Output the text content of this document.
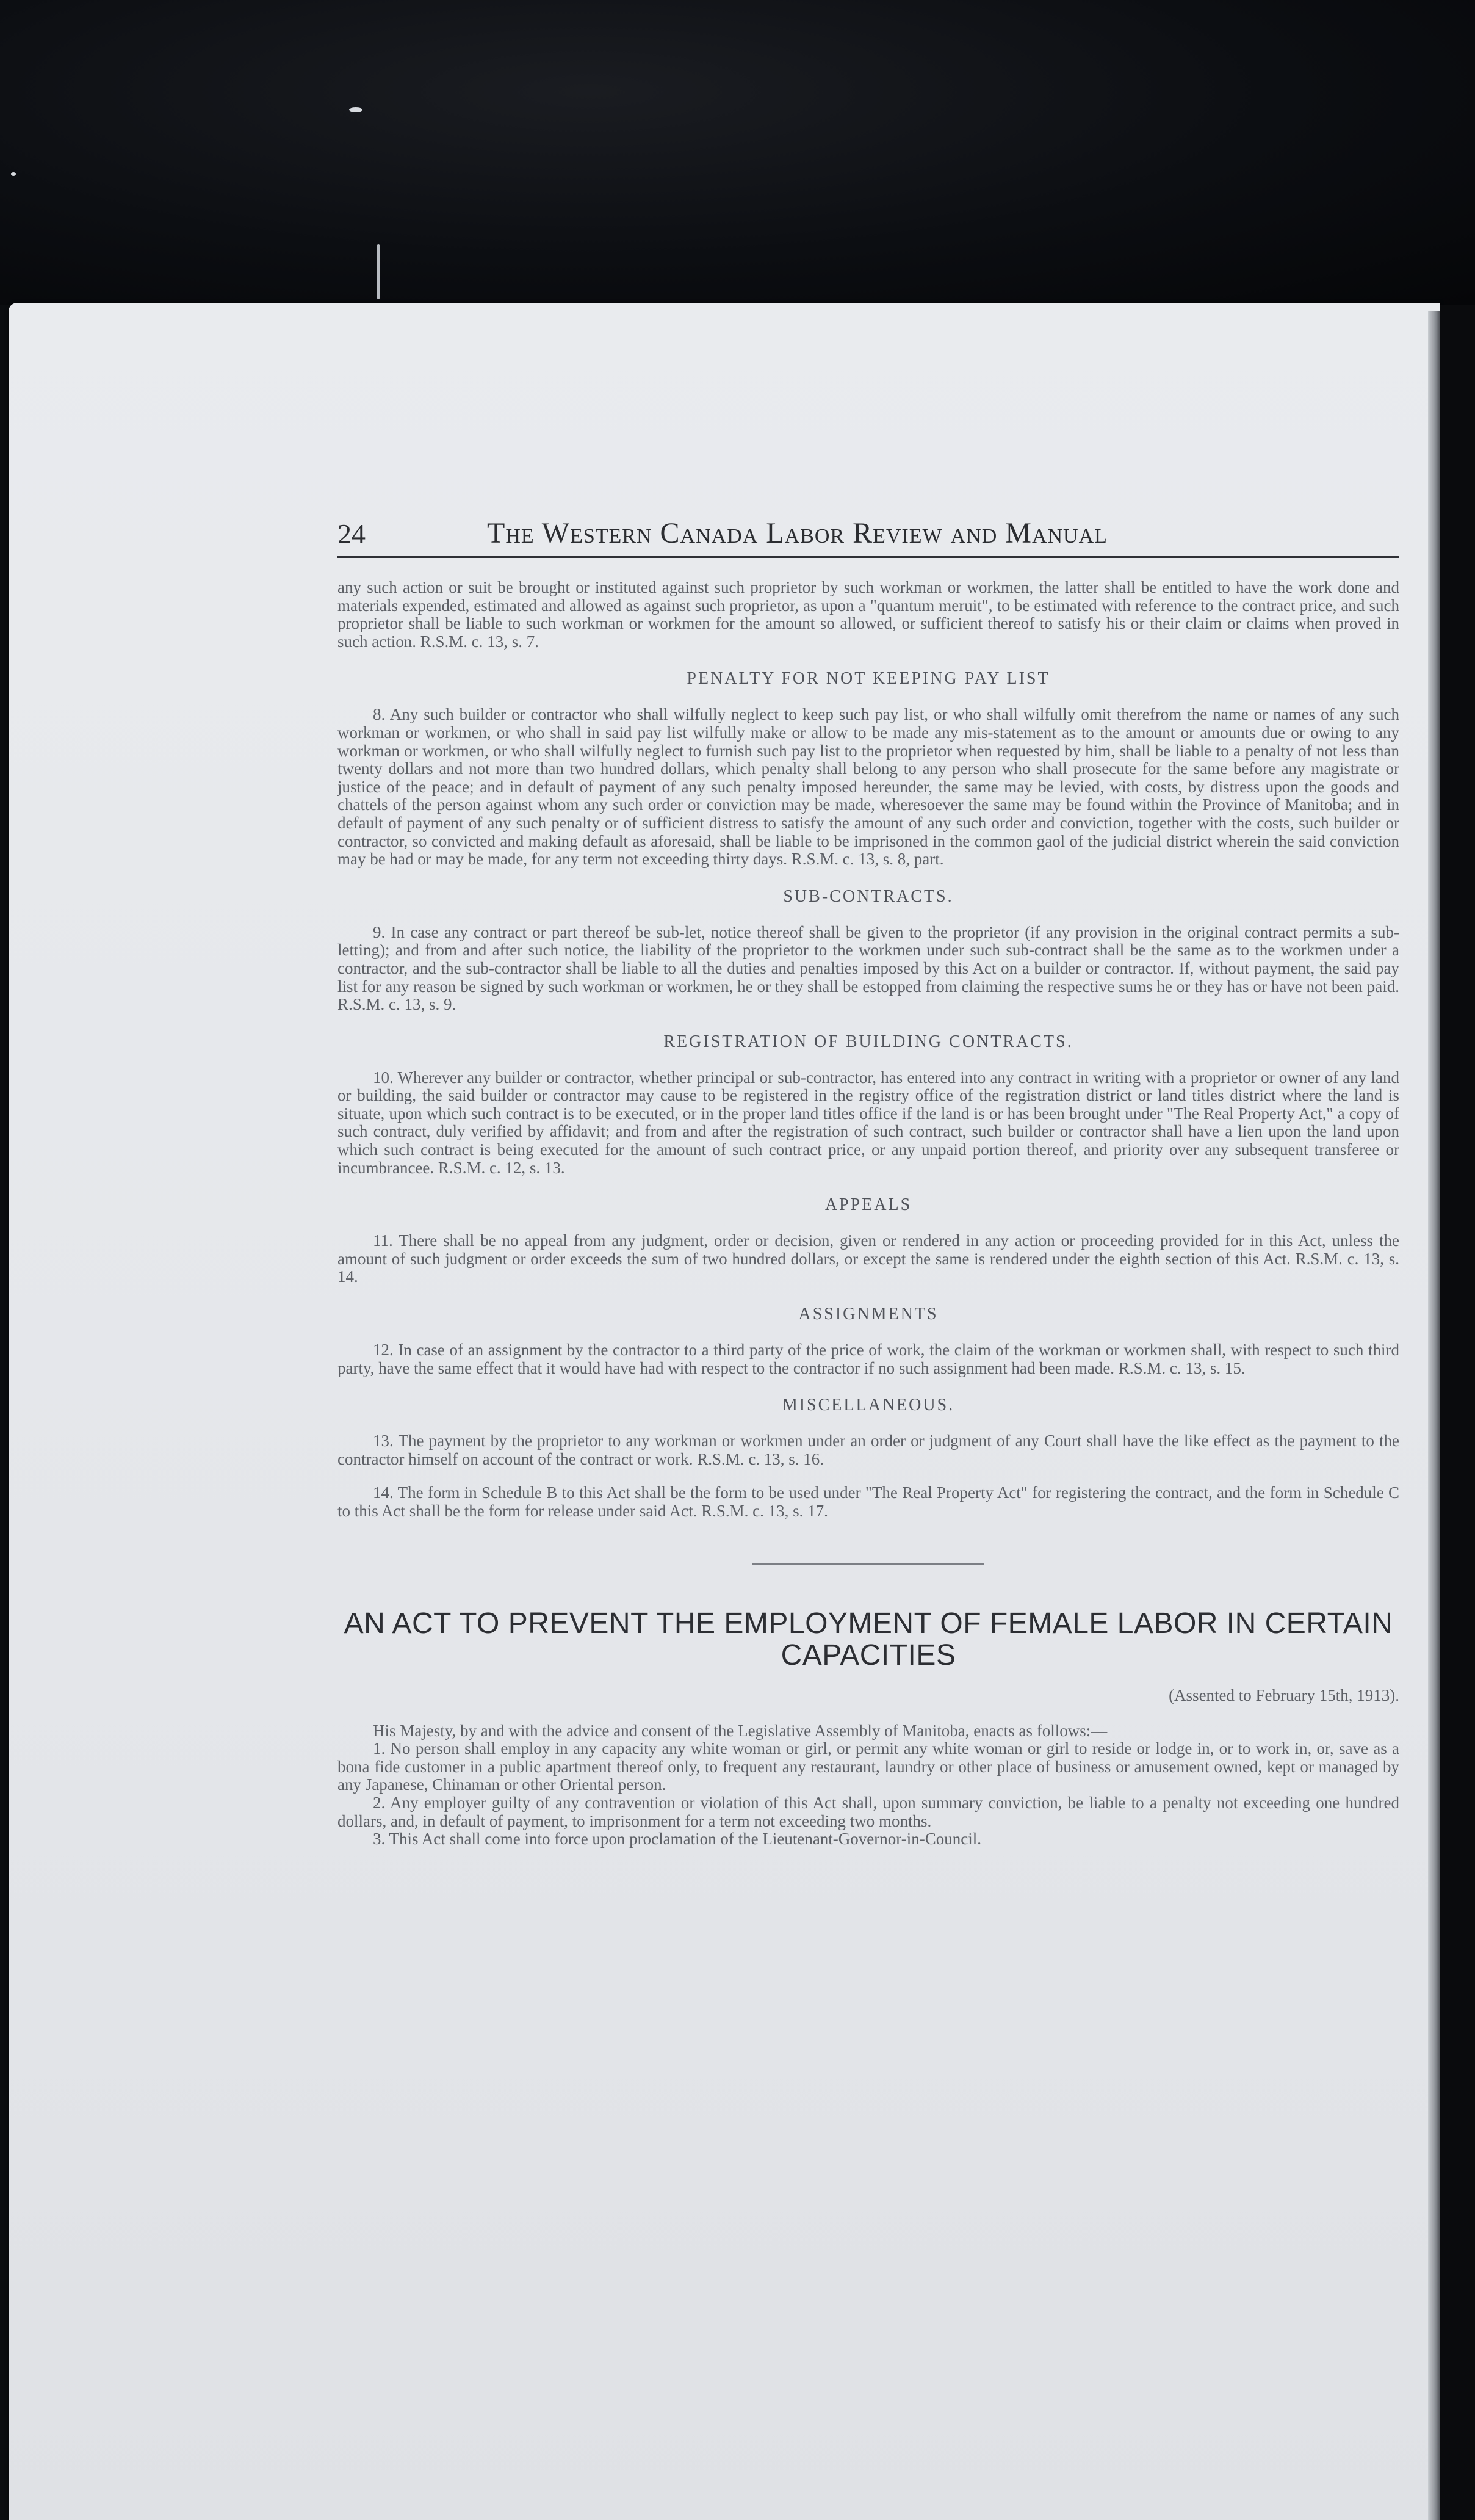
24	The Western Canada Labor Review and Manual

any such action or suit be brought or instituted against such proprietor by such workman or workmen, the latter shall be entitled to have the work done and materials expended, estimated and allowed as against such proprietor, as upon a "quantum meruit", to be estimated with reference to the contract price, and such proprietor shall be liable to such workman or workmen for the amount so allowed, or sufficient thereof to satisfy his or their claim or claims when proved in such action. R.S.M. c. 13, s. 7.

PENALTY FOR NOT KEEPING PAY LIST

8. Any such builder or contractor who shall wilfully neglect to keep such pay list, or who shall wilfully omit therefrom the name or names of any such workman or workmen, or who shall in said pay list wilfully make or allow to be made any mis-statement as to the amount or amounts due or owing to any workman or workmen, or who shall wilfully neglect to furnish such pay list to the proprietor when requested by him, shall be liable to a penalty of not less than twenty dollars and not more than two hundred dollars, which penalty shall belong to any person who shall prosecute for the same before any magistrate or justice of the peace; and in default of payment of any such penalty imposed hereunder, the same may be levied, with costs, by distress upon the goods and chattels of the person against whom any such order or conviction may be made, wheresoever the same may be found within the Province of Manitoba; and in default of payment of any such penalty or of sufficient distress to satisfy the amount of any such order and conviction, together with the costs, such builder or contractor, so convicted and making default as aforesaid, shall be liable to be imprisoned in the common gaol of the judicial district wherein the said conviction may be had or may be made, for any term not exceeding thirty days. R.S.M. c. 13, s. 8, part.

SUB-CONTRACTS.

9. In case any contract or part thereof be sub-let, notice thereof shall be given to the proprietor (if any provision in the original contract permits a sub-letting); and from and after such notice, the liability of the proprietor to the workmen under such sub-contract shall be the same as to the workmen under a contractor, and the sub-contractor shall be liable to all the duties and penalties imposed by this Act on a builder or contractor. If, without payment, the said pay list for any reason be signed by such workman or workmen, he or they shall be estopped from claiming the respective sums he or they has or have not been paid. R.S.M. c. 13, s. 9.

REGISTRATION OF BUILDING CONTRACTS.

10. Wherever any builder or contractor, whether principal or sub-contractor, has entered into any contract in writing with a proprietor or owner of any land or building, the said builder or contractor may cause to be registered in the registry office of the registration district or land titles district where the land is situate, upon which such contract is to be executed, or in the proper land titles office if the land is or has been brought under "The Real Property Act," a copy of such contract, duly verified by affidavit; and from and after the registration of such contract, such builder or contractor shall have a lien upon the land upon which such contract is being executed for the amount of such contract price, or any unpaid portion thereof, and priority over any subsequent transferee or incumbrancee. R.S.M. c. 12, s. 13.

APPEALS

11. There shall be no appeal from any judgment, order or decision, given or rendered in any action or proceeding provided for in this Act, unless the amount of such judgment or order exceeds the sum of two hundred dollars, or except the same is rendered under the eighth section of this Act. R.S.M. c. 13, s. 14.

ASSIGNMENTS

12. In case of an assignment by the contractor to a third party of the price of work, the claim of the workman or workmen shall, with respect to such third party, have the same effect that it would have had with respect to the contractor if no such assignment had been made. R.S.M. c. 13, s. 15.

MISCELLANEOUS.

13. The payment by the proprietor to any workman or workmen under an order or judgment of any Court shall have the like effect as the payment to the contractor himself on account of the contract or work. R.S.M. c. 13, s. 16.

14. The form in Schedule B to this Act shall be the form to be used under "The Real Property Act" for registering the contract, and the form in Schedule C to this Act shall be the form for release under said Act. R.S.M. c. 13, s. 17.

AN ACT TO PREVENT THE EMPLOYMENT OF FEMALE LABOR IN CERTAIN CAPACITIES
(Assented to February 15th, 1913).

His Majesty, by and with the advice and consent of the Legislative Assembly of Manitoba, enacts as follows:—

1. No person shall employ in any capacity any white woman or girl, or permit any white woman or girl to reside or lodge in, or to work in, or, save as a bona fide customer in a public apartment thereof only, to frequent any restaurant, laundry or other place of business or amusement owned, kept or managed by any Japanese, Chinaman or other Oriental person.

2. Any employer guilty of any contravention or violation of this Act shall, upon summary conviction, be liable to a penalty not exceeding one hundred dollars, and, in default of payment, to imprisonment for a term not exceeding two months.

3. This Act shall come into force upon proclamation of the Lieutenant-Governor-in-Council.
